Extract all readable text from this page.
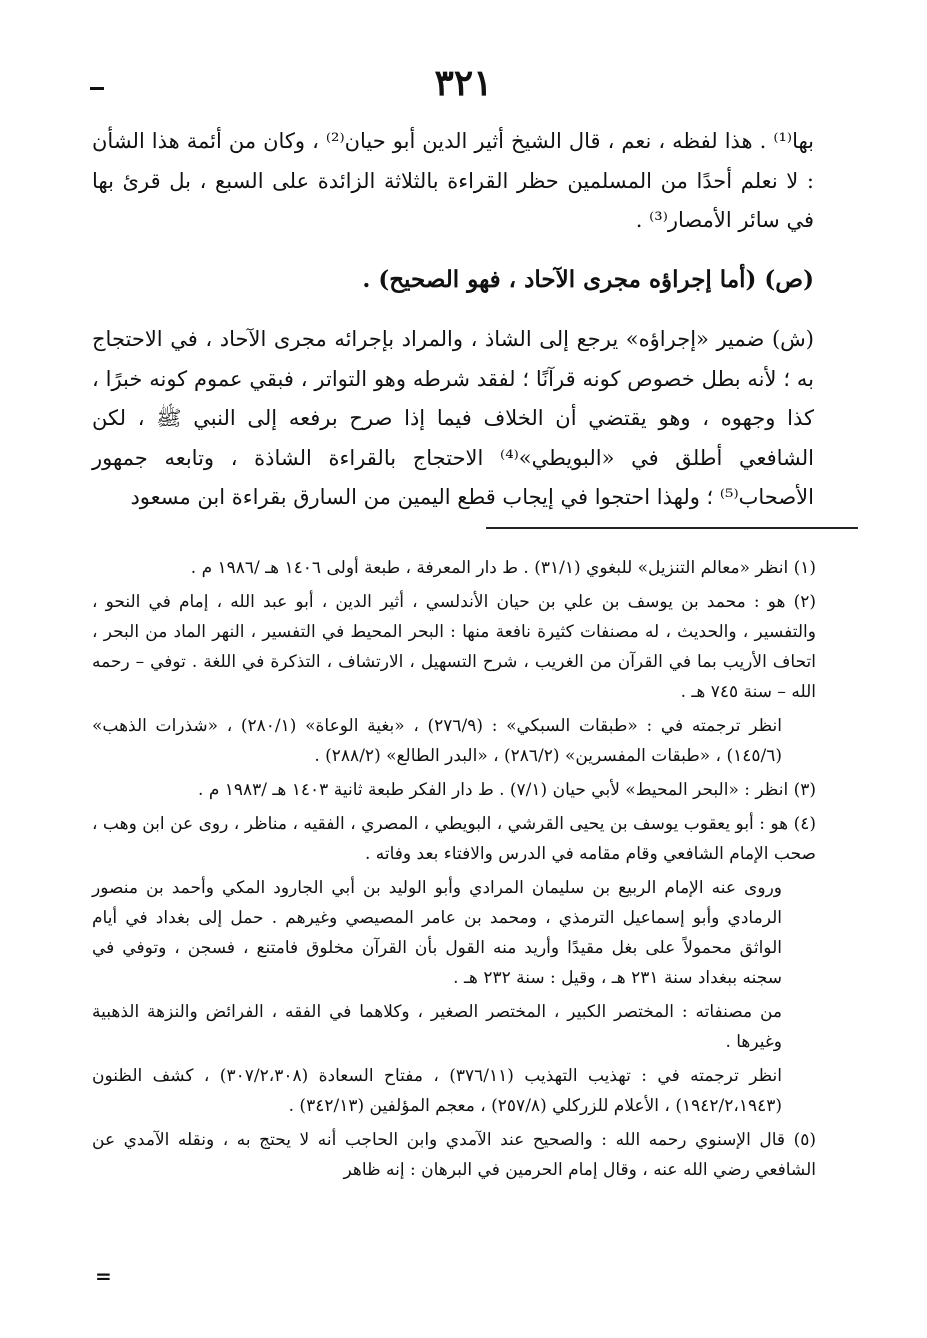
٣٢١

بها⁽¹⁾ . هذا لفظه ، نعم ، قال الشيخ أثير الدين أبو حيان⁽²⁾ ، وكان من أئمة هذا الشأن : لا نعلم أحدًا من المسلمين حظر القراءة بالثلاثة الزائدة على السبع ، بل قرئ بها في سائر الأمصار⁽³⁾ .

(ص) (أما إجراؤه مجرى الآحاد ، فهو الصحيح) .

(ش) ضمير «إجراؤه» يرجع إلى الشاذ ، والمراد بإجرائه مجرى الآحاد ، في الاحتجاج به ؛ لأنه بطل خصوص كونه قرآنًا ؛ لفقد شرطه وهو التواتر ، فبقي عموم كونه خبرًا ، كذا وجهوه ، وهو يقتضي أن الخلاف فيما إذا صرح برفعه إلى النبي ﷺ ، لكن الشافعي أطلق في «البويطي»⁽⁴⁾ الاحتجاج بالقراءة الشاذة ، وتابعه جمهور الأصحاب⁽⁵⁾ ؛ ولهذا احتجوا في إيجاب قطع اليمين من السارق بقراءة ابن مسعود

(١) انظر «معالم التنزيل» للبغوي (٣١/١) . ط دار المعرفة ، طبعة أولى ١٤٠٦ هـ /١٩٨٦ م .

(٢) هو : محمد بن يوسف بن علي بن حيان الأندلسي ، أثير الدين ، أبو عبد الله ، إمام في النحو ، والتفسير ، والحديث ، له مصنفات كثيرة نافعة منها : البحر المحيط في التفسير ، النهر الماد من البحر ، اتحاف الأريب بما في القرآن من الغريب ، شرح التسهيل ، الارتشاف ، التذكرة في اللغة . توفي – رحمه الله – سنة ٧٤٥ هـ .

انظر ترجمته في : «طبقات السبكي» : (٢٧٦/٩) ، «بغية الوعاة» (٢٨٠/١) ، «شذرات الذهب» (١٤٥/٦) ، «طبقات المفسرين» (٢٨٦/٢) ، «البدر الطالع» (٢٨٨/٢) .

(٣) انظر : «البحر المحيط» لأبي حيان (٧/١) . ط دار الفكر طبعة ثانية ١٤٠٣ هـ /١٩٨٣ م .

(٤) هو : أبو يعقوب يوسف بن يحيى القرشي ، البويطي ، المصري ، الفقيه ، مناظر ، روى عن ابن وهب ، صحب الإمام الشافعي وقام مقامه في الدرس والافتاء بعد وفاته .

وروى عنه الإمام الربيع بن سليمان المرادي وأبو الوليد بن أبي الجارود المكي وأحمد بن منصور الرمادي وأبو إسماعيل الترمذي ، ومحمد بن عامر المصيصي وغيرهم . حمل إلى بغداد في أيام الواثق محمولاً على بغل مقيدًا وأريد منه القول بأن القرآن مخلوق فامتنع ، فسجن ، وتوفي في سجنه ببغداد سنة ٢٣١ هـ ، وقيل : سنة ٢٣٢ هـ .

من مصنفاته : المختصر الكبير ، المختصر الصغير ، وكلاهما في الفقه ، الفرائض والنزهة الذهبية وغيرها .

انظر ترجمته في : تهذيب التهذيب (٣٧٦/١١) ، مفتاح السعادة (٣٠٧/٢،٣٠٨) ، كشف الظنون (١٩٤٢/٢،١٩٤٣) ، الأعلام للزركلي (٢٥٧/٨) ، معجم المؤلفين (٣٤٢/١٣) .

(٥) قال الإسنوي رحمه الله : والصحيح عند الآمدي وابن الحاجب أنه لا يحتج به ، ونقله الآمدي عن الشافعي رضي الله عنه ، وقال إمام الحرمين في البرهان : إنه ظاهر

=
